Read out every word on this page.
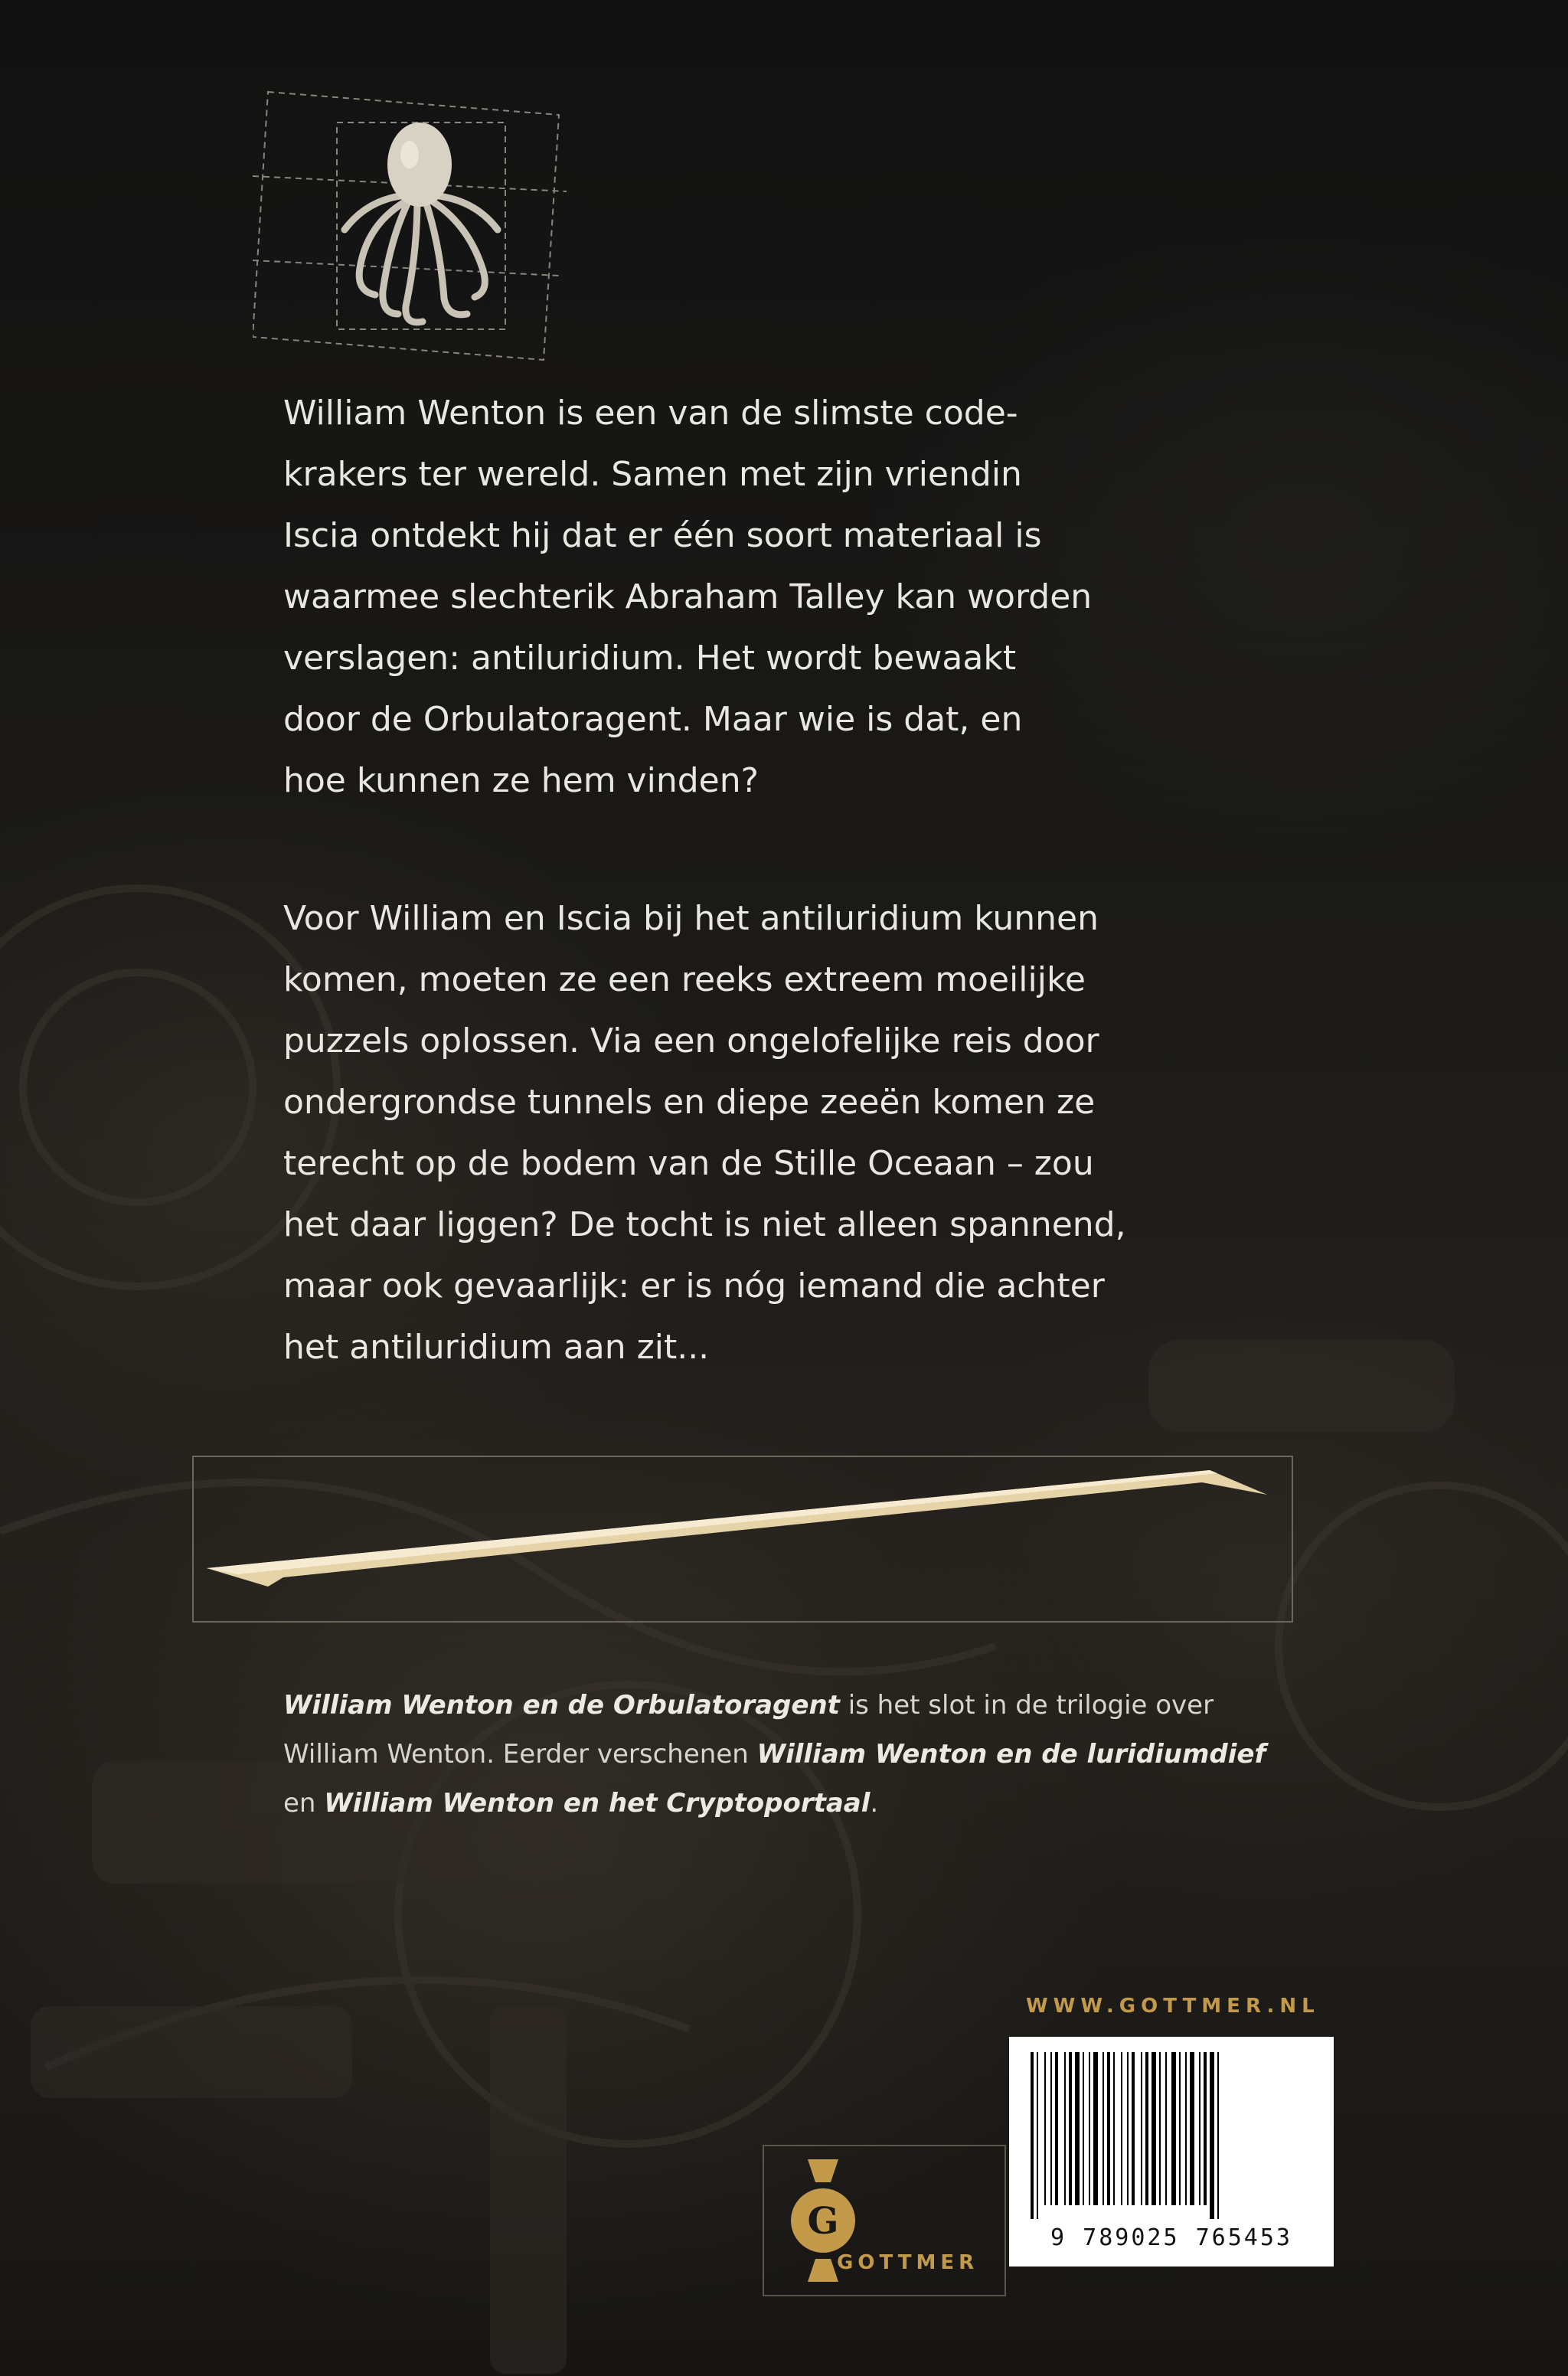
William Wenton is een van de slimste code-
krakers ter wereld. Samen met zijn vriendin
Iscia ontdekt hij dat er één soort materiaal is
waarmee slechterik Abraham Talley kan worden
verslagen: antiluridium. Het wordt bewaakt
door de Orbulatoragent. Maar wie is dat, en
hoe kunnen ze hem vinden?

Voor William en Iscia bij het antiluridium kunnen
komen, moeten ze een reeks extreem moeilijke
puzzels oplossen. Via een ongelofelijke reis door
ondergrondse tunnels en diepe zeeën komen ze
terecht op de bodem van de Stille Oceaan – zou
het daar liggen? De tocht is niet alleen spannend,
maar ook gevaarlijk: er is nóg iemand die achter
het antiluridium aan zit...

William Wenton en de Orbulatoragent is het slot in de trilogie over William Wenton. Eerder verschenen William Wenton en de luridiumdief en William Wenton en het Cryptoportaal.

WWW.GOTTMER.NL
9 789025 765453
G
GOTTMER
